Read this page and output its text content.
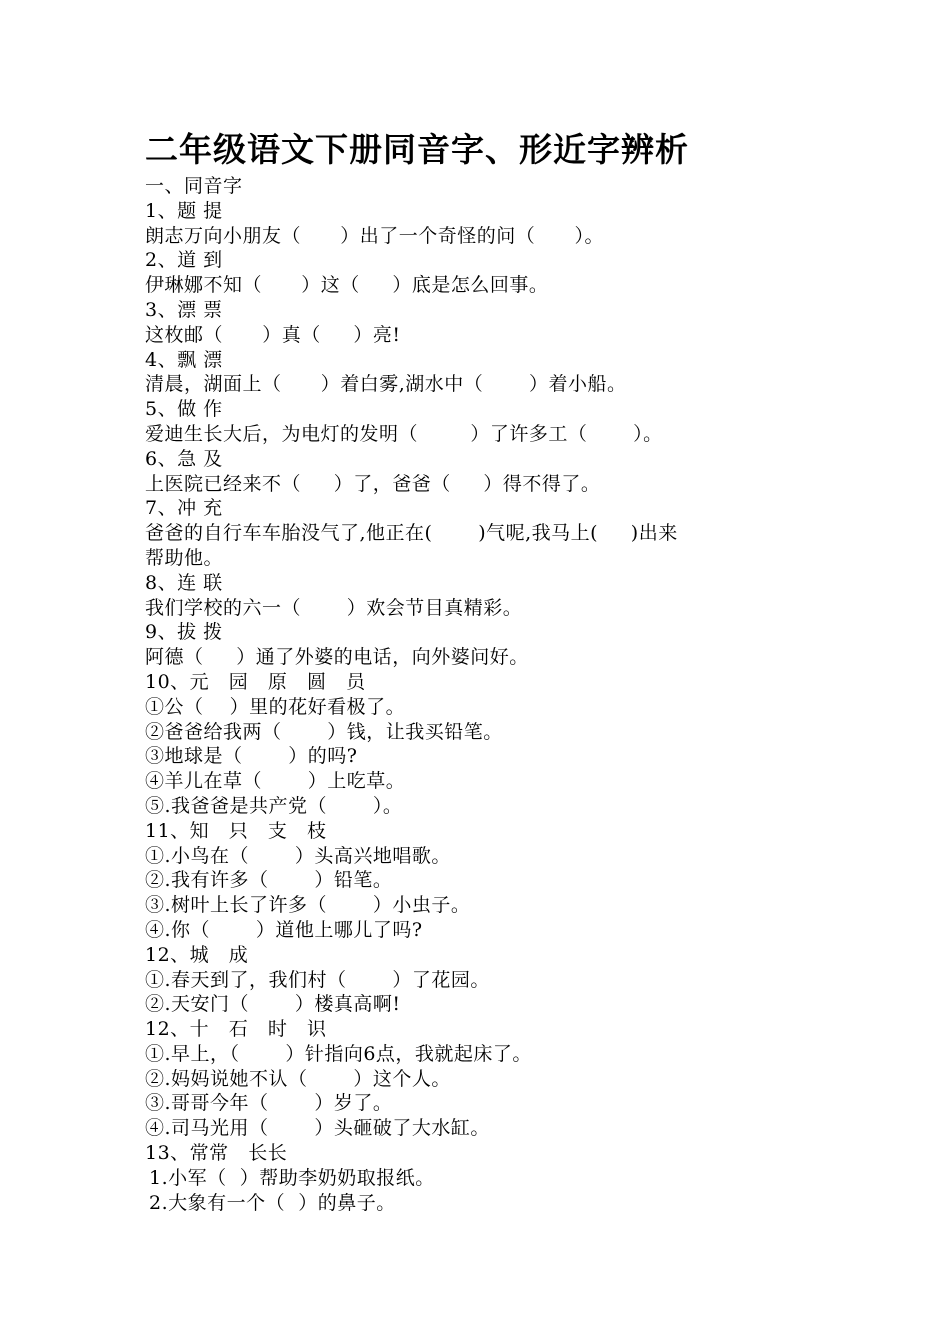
二年级语文下册同音字、形近字辨析
一、同音字
1、题 提
朗志万向小朋友（      ）出了一个奇怪的问（      ）。
2、道 到
伊琳娜不知（      ）这（     ）底是怎么回事。
3、漂 票
这枚邮（      ）真（     ）亮!
4、飘 漂
清晨，湖面上（      ）着白雾,湖水中（       ）着小船。
5、做 作
爱迪生长大后，为电灯的发明（        ）了许多工（       ）。
6、急 及
上医院已经来不（     ）了，爸爸（     ）得不得了。
7、冲 充
爸爸的自行车车胎没气了,他正在(       )气呢,我马上(     )出来
帮助他。
8、连 联
我们学校的六一（       ）欢会节目真精彩。
9、拔 拨
阿德（     ）通了外婆的电话，向外婆问好。
10、元   园   原   圆   员
①公（    ）里的花好看极了。
②爸爸给我两（       ）钱，让我买铅笔。
③地球是（       ）的吗?
④羊儿在草（       ）上吃草。
⑤.我爸爸是共产党（       ）。
11、知   只   支   枝
①.小鸟在（       ）头高兴地唱歌。
②.我有许多（       ）铅笔。
③.树叶上长了许多（       ）小虫子。
④.你（       ）道他上哪儿了吗?
12、城   成
①.春天到了，我们村（       ）了花园。
②.天安门（       ）楼真高啊!
12、十   石   时   识
①.早上，（       ）针指向6点，我就起床了。
②.妈妈说她不认（       ）这个人。
③.哥哥今年（       ）岁了。
④.司马光用（       ）头砸破了大水缸。
13、常常   长长
1.小军（  ）帮助李奶奶取报纸。
2.大象有一个（  ）的鼻子。
